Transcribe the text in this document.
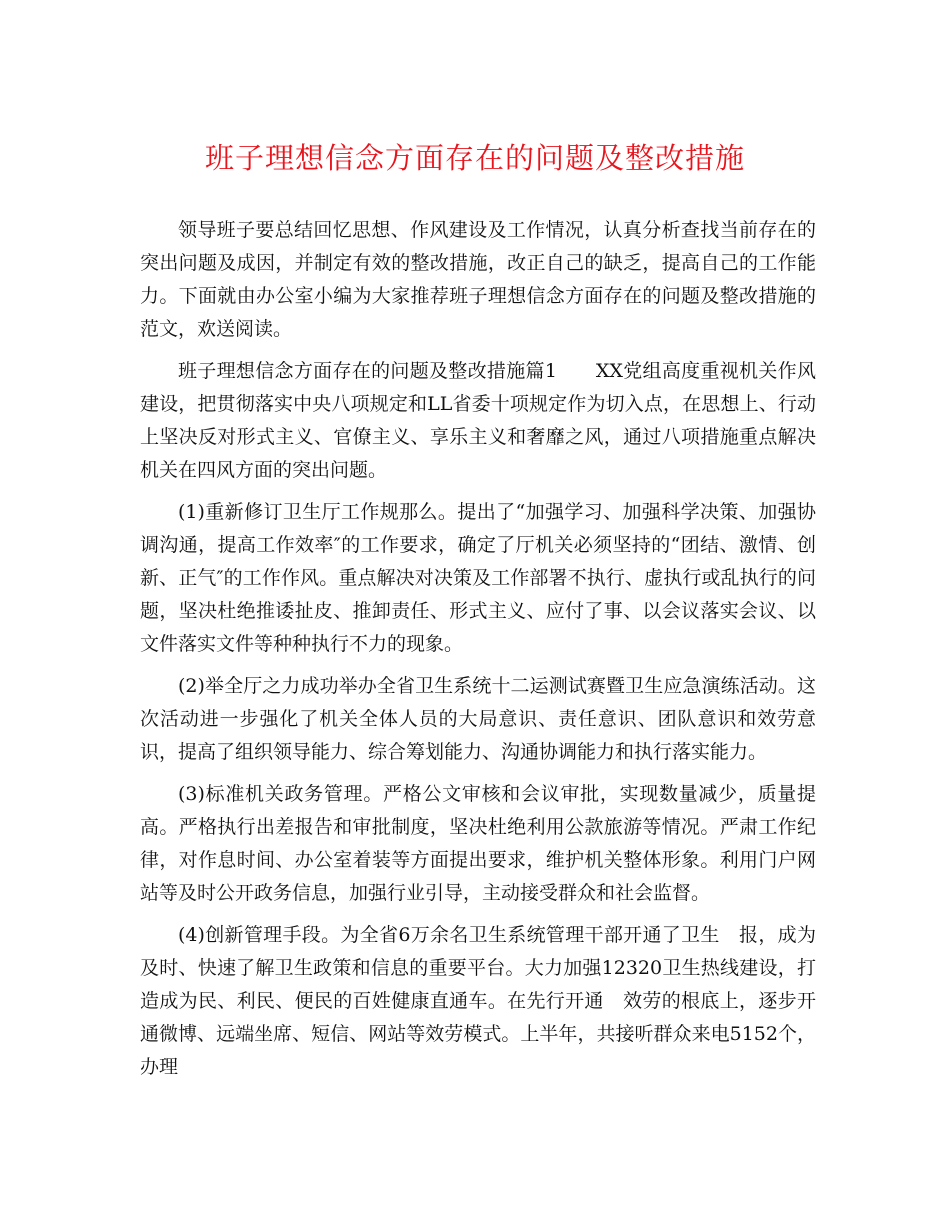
班子理想信念方面存在的问题及整改措施

领导班子要总结回忆思想、作风建设及工作情况，认真分析查找当前存在的突出问题及成因，并制定有效的整改措施，改正自己的缺乏，提高自己的工作能力。下面就由办公室小编为大家推荐班子理想信念方面存在的问题及整改措施的范文，欢送阅读。

班子理想信念方面存在的问题及整改措施篇1　　XX党组高度重视机关作风建设，把贯彻落实中央八项规定和LL省委十项规定作为切入点，在思想上、行动上坚决反对形式主义、官僚主义、享乐主义和奢靡之风，通过八项措施重点解决机关在四风方面的突出问题。

(1)重新修订卫生厅工作规那么。提出了“加强学习、加强科学决策、加强协调沟通，提高工作效率″的工作要求，确定了厅机关必须坚持的“团结、激情、创新、正气″的工作作风。重点解决对决策及工作部署不执行、虚执行或乱执行的问题，坚决杜绝推诿扯皮、推卸责任、形式主义、应付了事、以会议落实会议、以文件落实文件等种种执行不力的现象。

(2)举全厅之力成功举办全省卫生系统十二运测试赛暨卫生应急演练活动。这次活动进一步强化了机关全体人员的大局意识、责任意识、团队意识和效劳意识，提高了组织领导能力、综合筹划能力、沟通协调能力和执行落实能力。

(3)标准机关政务管理。严格公文审核和会议审批，实现数量减少，质量提高。严格执行出差报告和审批制度，坚决杜绝利用公款旅游等情况。严肃工作纪律，对作息时间、办公室着装等方面提出要求，维护机关整体形象。利用门户网站等及时公开政务信息，加强行业引导，主动接受群众和社会监督。

(4)创新管理手段。为全省6万余名卫生系统管理干部开通了卫生　报，成为及时、快速了解卫生政策和信息的重要平台。大力加强12320卫生热线建设，打造成为民、利民、便民的百姓健康直通车。在先行开通　效劳的根底上，逐步开通微博、远端坐席、短信、网站等效劳模式。上半年，共接听群众来电5152个，办理
